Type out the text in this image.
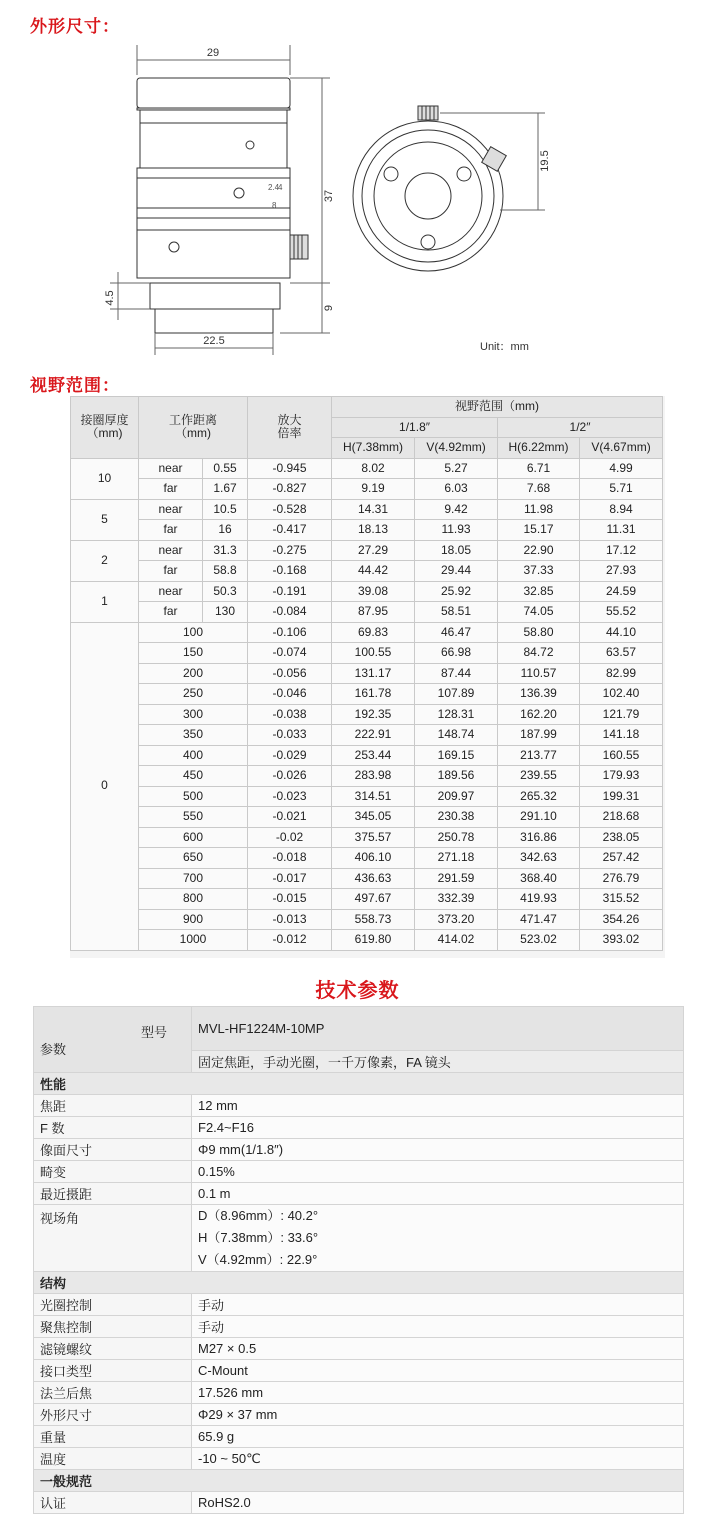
外形尺寸：
29
37
4.5
9
22.5
19.5
Unit：mm
2.4
4
8
视野范围：
接圈厚度
（mm)	工作距离
（mm)		放大
倍率	视野范围（mm)			
				1/1.8″		1/2″	
				H(7.38mm)	V(4.92mm)	H(6.22mm)	V(4.67mm)
10	near	0.55	-0.945	8.02	5.27	6.71	4.99
	far	1.67	-0.827	9.19	6.03	7.68	5.71
5	near	10.5	-0.528	14.31	9.42	11.98	8.94
	far	16	-0.417	18.13	11.93	15.17	11.31
2	near	31.3	-0.275	27.29	18.05	22.90	17.12
	far	58.8	-0.168	44.42	29.44	37.33	27.93
1	near	50.3	-0.191	39.08	25.92	32.85	24.59
	far	130	-0.084	87.95	58.51	74.05	55.52
0	100		-0.106	69.83	46.47	58.80	44.10
	150		-0.074	100.55	66.98	84.72	63.57
	200		-0.056	131.17	87.44	110.57	82.99
	250		-0.046	161.78	107.89	136.39	102.40
	300		-0.038	192.35	128.31	162.20	121.79
	350		-0.033	222.91	148.74	187.99	141.18
	400		-0.029	253.44	169.15	213.77	160.55
	450		-0.026	283.98	189.56	239.55	179.93
	500		-0.023	314.51	209.97	265.32	199.31
	550		-0.021	345.05	230.38	291.10	218.68
	600		-0.02	375.57	250.78	316.86	238.05
	650		-0.018	406.10	271.18	342.63	257.42
	700		-0.017	436.63	291.59	368.40	276.79
	800		-0.015	497.67	332.39	419.93	315.52
	900		-0.013	558.73	373.20	471.47	354.26
	1000		-0.012	619.80	414.02	523.02	393.02
技术参数
型号
参数	MVL-HF1224M-10MP
	固定焦距，手动光圈，一千万像素，FA 镜头
性能	
焦距	12 mm
F 数	F2.4~F16
像面尺寸	Φ9 mm(1/1.8″)
畸变	0.15%
最近摄距	0.1 m
视场角	D（8.96mm）: 40.2°
H（7.38mm）: 33.6°
V（4.92mm）: 22.9°

结构	
光圈控制	手动
聚焦控制	手动
滤镜螺纹	M27 × 0.5
接口类型	C-Mount
法兰后焦	17.526 mm
外形尺寸	Φ29 × 37 mm
重量	65.9 g
温度	-10 ~ 50℃
一般规范	
认证	RoHS2.0
